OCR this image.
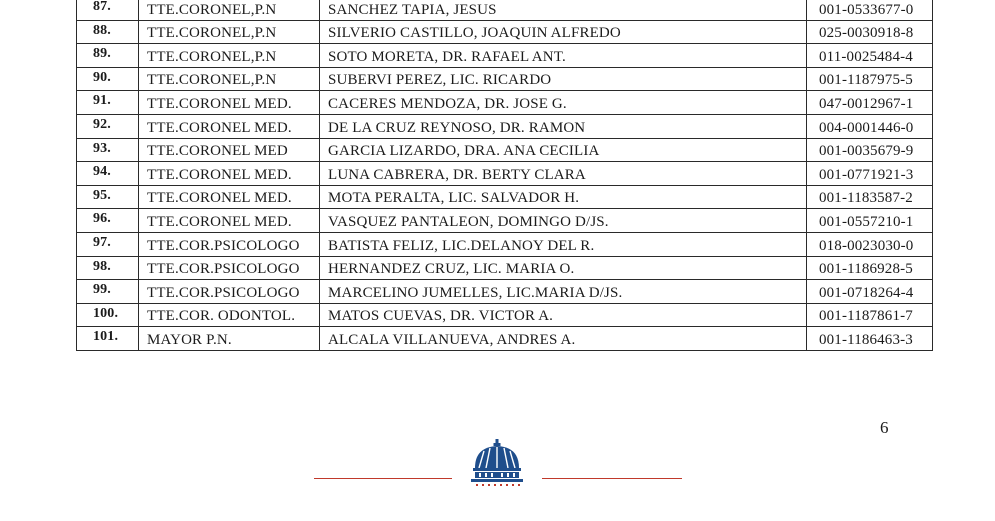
87.	TTE.CORONEL,P.N	SANCHEZ TAPIA, JESUS	001-0533677-0
88.	TTE.CORONEL,P.N	SILVERIO CASTILLO, JOAQUIN ALFREDO	025-0030918-8
89.	TTE.CORONEL,P.N	SOTO MORETA, DR. RAFAEL ANT.	011-0025484-4
90.	TTE.CORONEL,P.N	SUBERVI PEREZ, LIC. RICARDO	001-1187975-5
91.	TTE.CORONEL MED.	CACERES MENDOZA, DR. JOSE G.	047-0012967-1
92.	TTE.CORONEL MED.	DE LA CRUZ REYNOSO, DR. RAMON	004-0001446-0
93.	TTE.CORONEL MED	GARCIA LIZARDO, DRA. ANA CECILIA	001-0035679-9
94.	TTE.CORONEL MED.	LUNA CABRERA, DR. BERTY CLARA	001-0771921-3
95.	TTE.CORONEL MED.	MOTA PERALTA, LIC. SALVADOR H.	001-1183587-2
96.	TTE.CORONEL MED.	VASQUEZ PANTALEON, DOMINGO D/JS.	001-0557210-1
97.	TTE.COR.PSICOLOGO	BATISTA FELIZ, LIC.DELANOY DEL R.	018-0023030-0
98.	TTE.COR.PSICOLOGO	HERNANDEZ CRUZ, LIC. MARIA O.	001-1186928-5
99.	TTE.COR.PSICOLOGO	MARCELINO JUMELLES, LIC.MARIA D/JS.	001-0718264-4
100.	TTE.COR. ODONTOL.	MATOS CUEVAS, DR. VICTOR A.	001-1187861-7
101.	MAYOR P.N.	ALCALA VILLANUEVA, ANDRES A.	001-1186463-3
6
